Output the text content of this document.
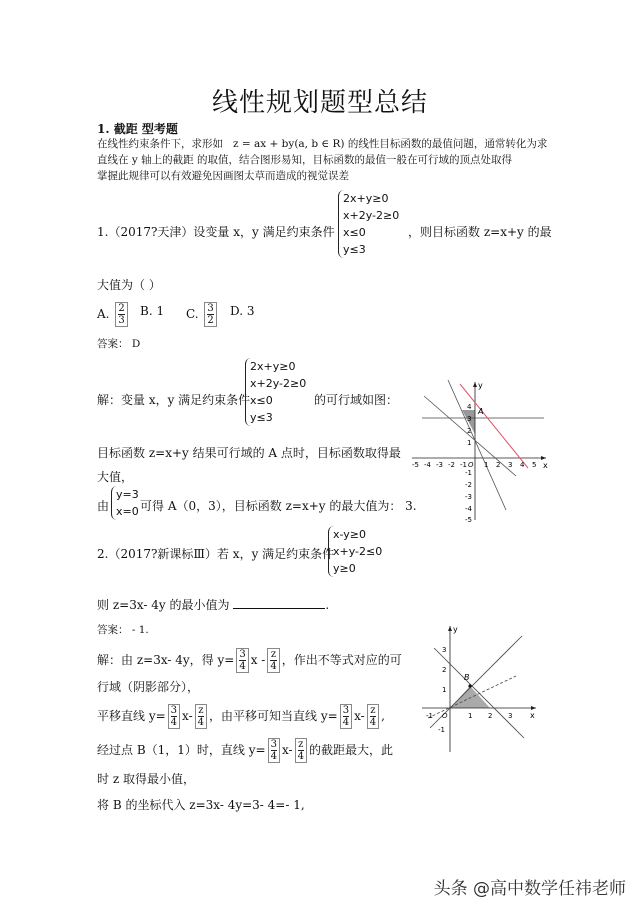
线性规划题型总结
1. 截距 型考题
在线性约束条件下，求形如 z = ax + by(a, b ∈ R) 的线性目标函数的最值问题，通常转化为求
直线在 y 轴上的截距 的取值，结合图形易知，目标函数的最值一般在可行域的顶点处取得
掌握此规律可以有效避免因画图太草而造成的视觉误差
1.（2017?天津）设变量 x，y 满足约束条件
2x+y≥0
x+2y-2≥0
x≤0
y≤3
，则目标函数 z=x+y 的最
大值为（ ）
A. $\frac{2}{3} B$. 1 C. $\frac{3}{2} D$. 3
答案： D
解：变量 x，y 满足约束条件
2x+y≥0
x+2y-2≥0
x≤0
y≤3
的可行域如图：
目标函数 z=x+y 结果可行域的 A 点时，目标函数取得最
大值，
由
y=3
x=0 可得 A（0，3），目标函数 z=x+y 的最大值为： 3.
A
y
x
-5 -4 -3 -2 -1 O 1 2 3 4 5
4
3
2
1
-1
-2
-3
-4
-5
2.（2017?新课标Ⅲ）若 x，y 满足约束条件
x-y≥0
x+y-2≤0
y≥0
则 z=3x- 4y 的最小值为	.
答案： - 1.
解：由 z=3x- 4y，得 $y= \frac{3}{4}$ x - $\frac{z}{4}$ ，作出不等式对应的可
行域（阴影部分），
平移直线 $y= \frac{3}{4} x- \frac{z}{4}$ ，由平移可知当直线 $y= \frac{3}{4} x- \frac{z}{4}$ ,
经过点 B（1，1）时，直线 $y= \frac{3}{4} x- \frac{z}{4}$ 的截距最大，此
时 z 取得最小值，
将 B 的坐标代入 z=3x- 4y=3- 4=- 1,
B
y
x
-1 O	1 2 3
3
2
1
-1
头条 @高中数学任祎老师
